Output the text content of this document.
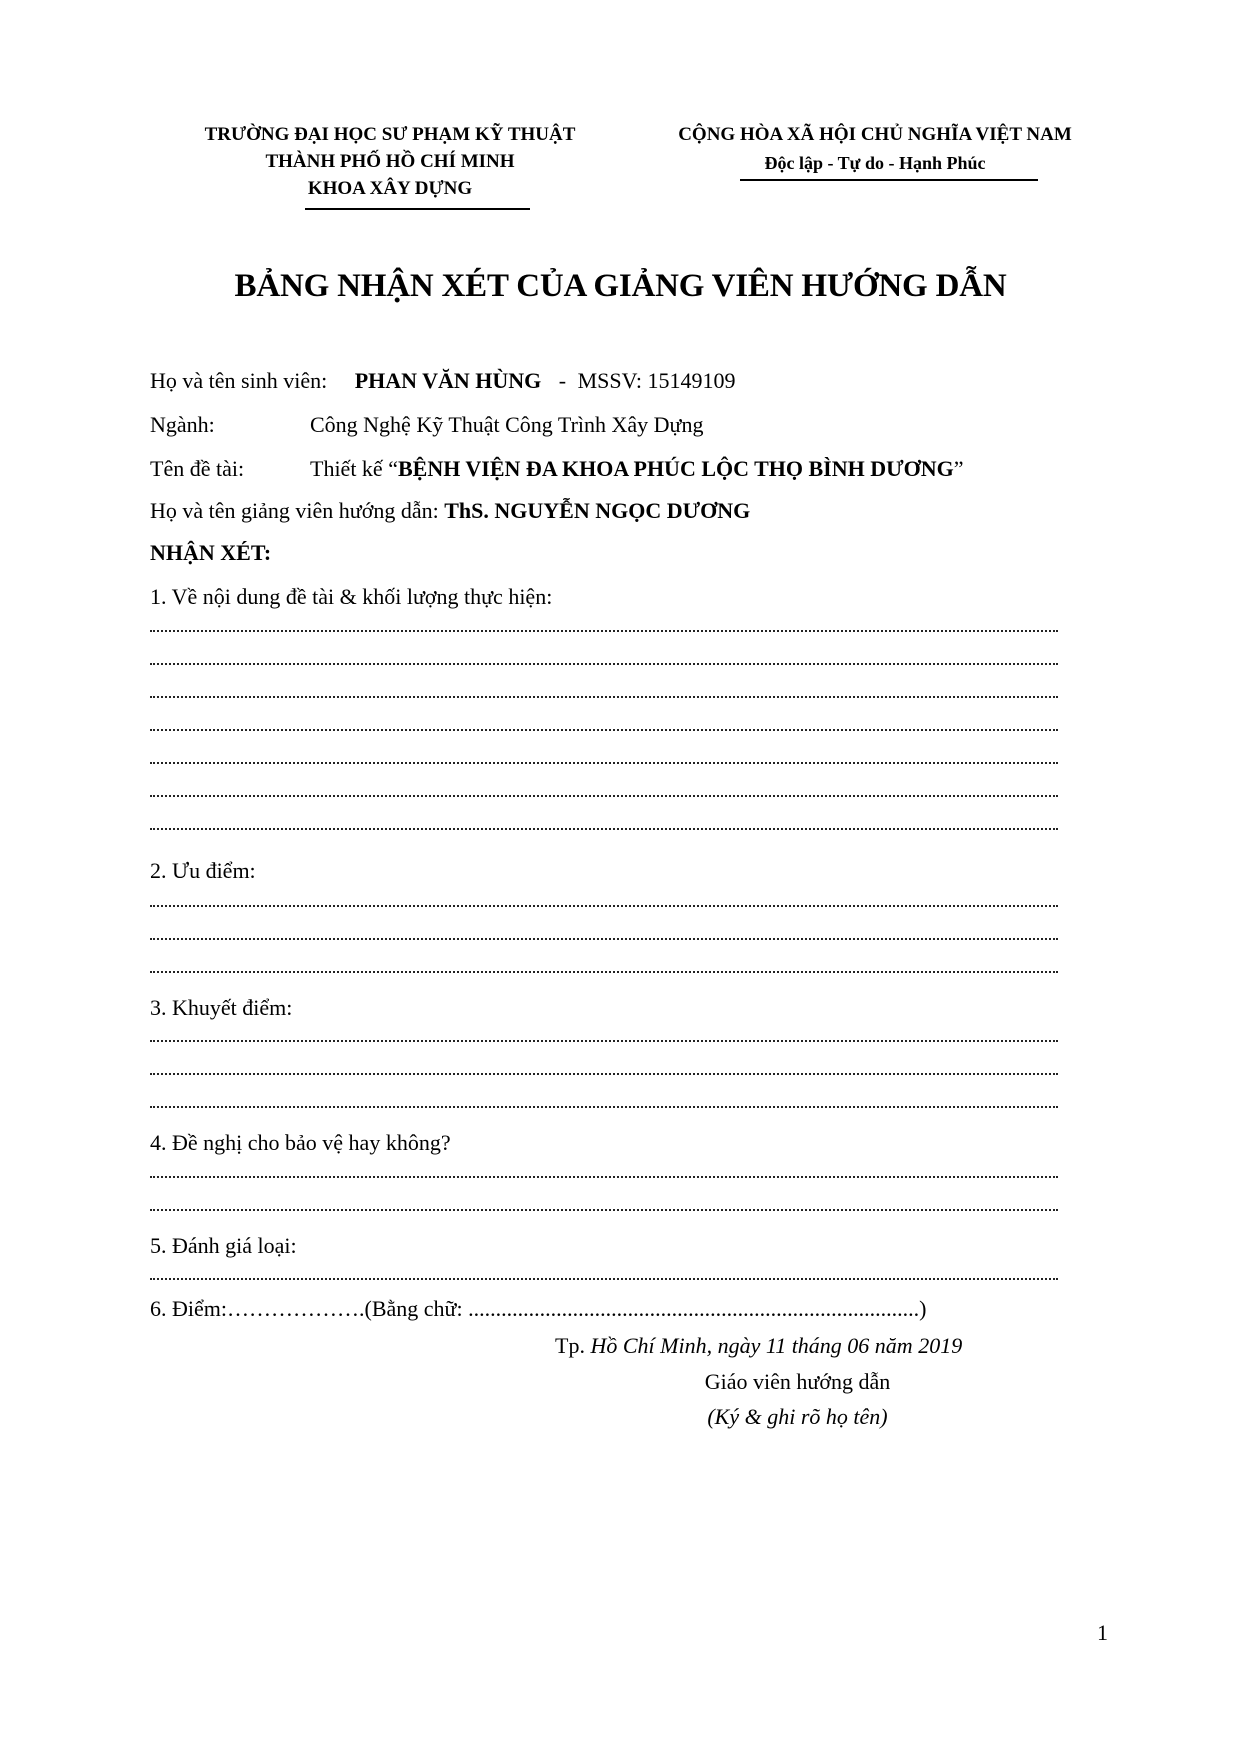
TRƯỜNG ĐẠI HỌC SƯ PHẠM KỸ THUẬT
THÀNH PHỐ HỒ CHÍ MINH
KHOA XÂY DỰNG
CỘNG HÒA XÃ HỘI CHỦ NGHĨA VIỆT NAM
Độc lập - Tự do - Hạnh Phúc
BẢNG NHẬN XÉT CỦA GIẢNG VIÊN HƯỚNG DẪN
Họ và tên sinh viên: PHAN VĂN HÙNG - MSSV: 15149109
Ngành:	Công Nghệ Kỹ Thuật Công Trình Xây Dựng
Tên đề tài:	Thiết kế “BỆNH VIỆN ĐA KHOA PHÚC LỘC THỌ BÌNH DƯƠNG”
Họ và tên giảng viên hướng dẫn: ThS. NGUYỄN NGỌC DƯƠNG
NHẬN XÉT:
1. Về nội dung đề tài & khối lượng thực hiện:
2. Ưu điểm:
3. Khuyết điểm:
4. Đề nghị cho bảo vệ hay không?
5. Đánh giá loại:
6. Điểm:……………….(Bằng chữ: ..................................................................................)
Tp. Hồ Chí Minh, ngày 11 tháng 06 năm 2019
Giáo viên hướng dẫn
(Ký & ghi rõ họ tên)
1
